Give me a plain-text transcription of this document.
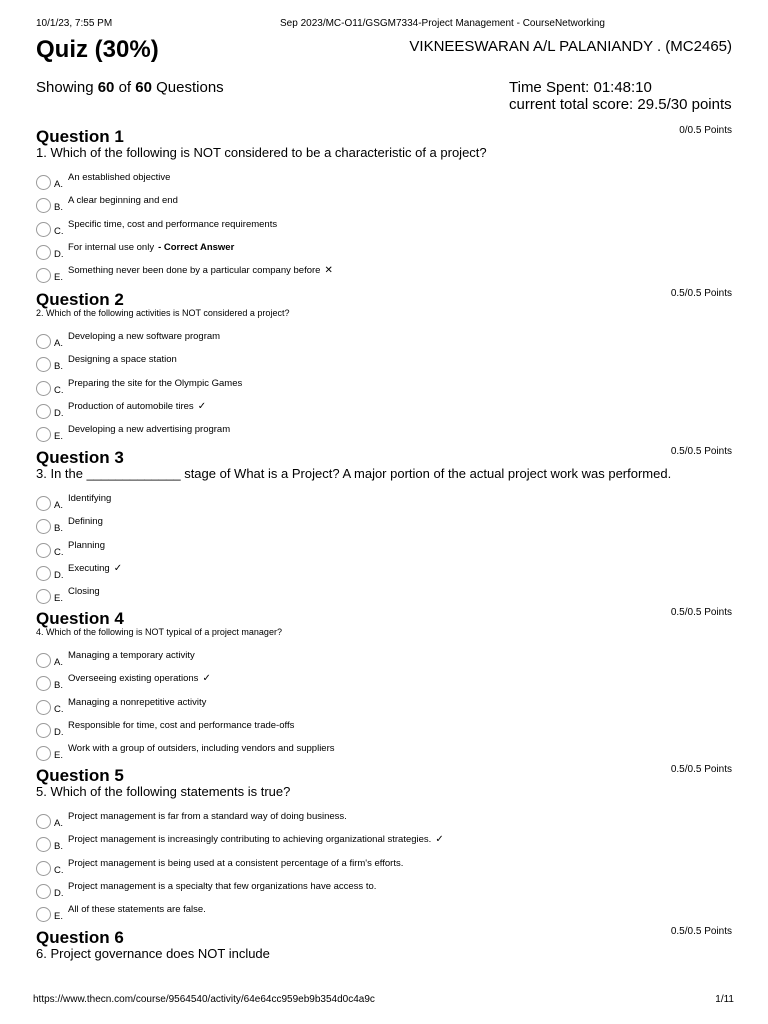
10/1/23, 7:55 PM	Sep 2023/MC-O11/GSGM7334-Project Management - CourseNetworking
Quiz (30%)	VIKNEESWARAN A/L PALANIANDY . (MC2465)
Showing 60 of 60 Questions	Time Spent: 01:48:10
current total score: 29.5/30 points
Question 1	0/0.5 Points

1. Which of the following is NOT considered to be a characteristic of a project?

A.
An established objective
B.
A clear beginning and end
C.
Specific time, cost and performance requirements
D.
For internal use only - Correct Answer
E.
Something never been done by a particular company before ✕
Question 2	0.5/0.5 Points

2. Which of the following activities is NOT considered a project?

A.
Developing a new software program
B.
Designing a space station
C.
Preparing the site for the Olympic Games
D.
Production of automobile tires ✓
E.
Developing a new advertising program
Question 3	0.5/0.5 Points

3. In the _____________ stage of What is a Project? A major portion of the actual project work was performed.

A.
Identifying
B.
Defining
C.
Planning
D.
Executing ✓
E.
Closing
Question 4	0.5/0.5 Points

4. Which of the following is NOT typical of a project manager?

A.
Managing a temporary activity
B.
Overseeing existing operations ✓
C.
Managing a nonrepetitive activity
D.
Responsible for time, cost and performance trade-offs
E.
Work with a group of outsiders, including vendors and suppliers
Question 5	0.5/0.5 Points

5. Which of the following statements is true?

A.
Project management is far from a standard way of doing business.
B.
Project management is increasingly contributing to achieving organizational strategies. ✓
C.
Project management is being used at a consistent percentage of a firm's efforts.
D.
Project management is a specialty that few organizations have access to.
E.
All of these statements are false.
Question 6	0.5/0.5 Points

6. Project governance does NOT include

https://www.thecn.com/course/9564540/activity/64e64cc959eb9b354d0c4a9c	1/11
